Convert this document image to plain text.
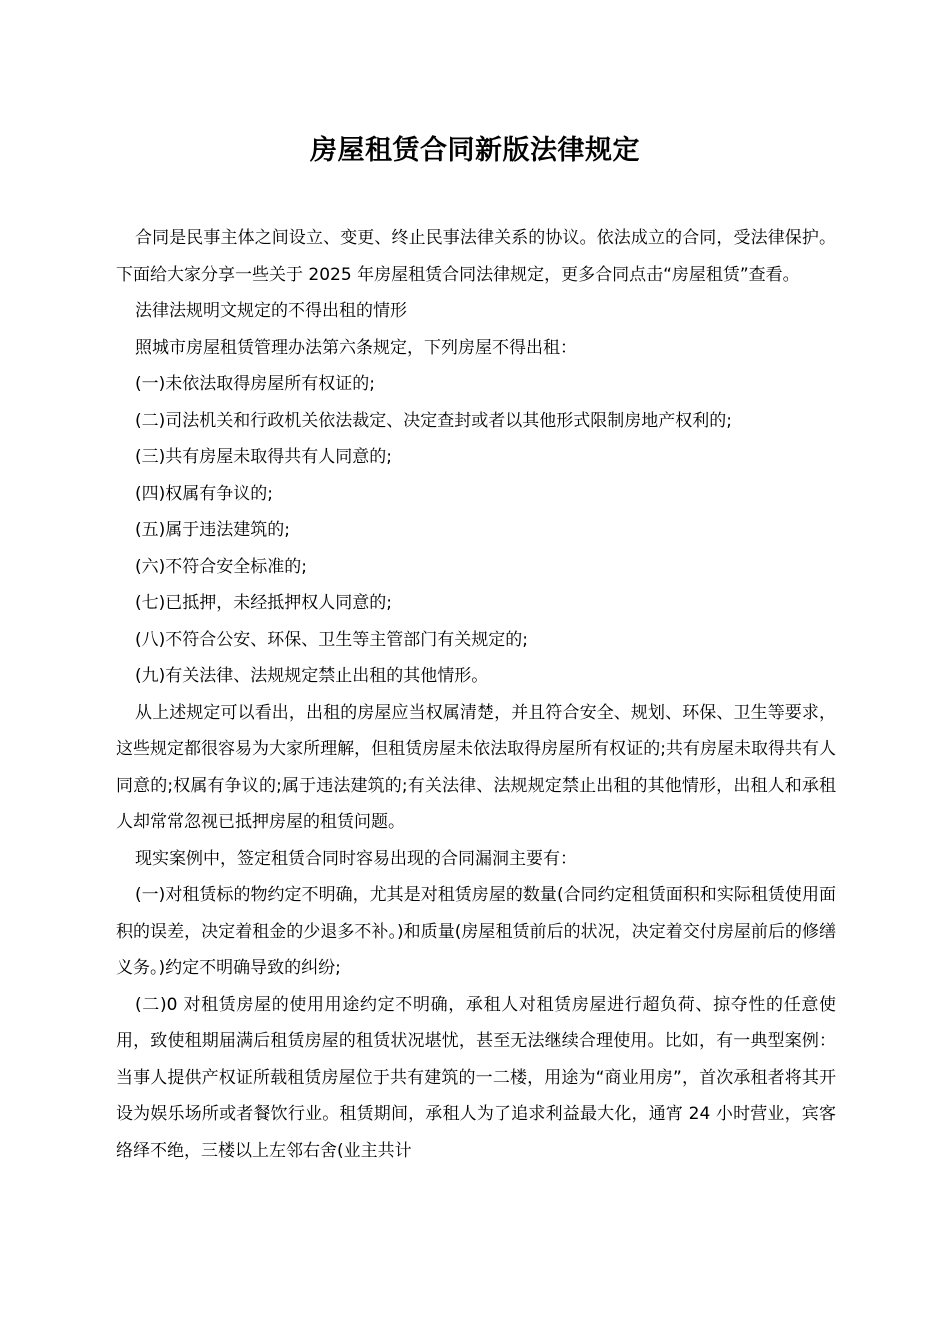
房屋租赁合同新版法律规定

合同是民事主体之间设立、变更、终止民事法律关系的协议。依法成立的合同，受法律保护。下面给大家分享一些关于 2025 年房屋租赁合同法律规定，更多合同点击“房屋租赁”查看。

法律法规明文规定的不得出租的情形

照城市房屋租赁管理办法第六条规定，下列房屋不得出租：

(一)未依法取得房屋所有权证的;

(二)司法机关和行政机关依法裁定、决定查封或者以其他形式限制房地产权利的;

(三)共有房屋未取得共有人同意的;

(四)权属有争议的;

(五)属于违法建筑的;

(六)不符合安全标准的;

(七)已抵押，未经抵押权人同意的;

(八)不符合公安、环保、卫生等主管部门有关规定的;

(九)有关法律、法规规定禁止出租的其他情形。

从上述规定可以看出，出租的房屋应当权属清楚，并且符合安全、规划、环保、卫生等要求，这些规定都很容易为大家所理解，但租赁房屋未依法取得房屋所有权证的;共有房屋未取得共有人同意的;权属有争议的;属于违法建筑的;有关法律、法规规定禁止出租的其他情形，出租人和承租人却常常忽视已抵押房屋的租赁问题。

现实案例中，签定租赁合同时容易出现的合同漏洞主要有：

(一)对租赁标的物约定不明确，尤其是对租赁房屋的数量(合同约定租赁面积和实际租赁使用面积的误差，决定着租金的少退多不补。)和质量(房屋租赁前后的状况，决定着交付房屋前后的修缮义务。)约定不明确导致的纠纷;

(二)0 对租赁房屋的使用用途约定不明确，承租人对租赁房屋进行超负荷、掠夺性的任意使用，致使租期届满后租赁房屋的租赁状况堪忧，甚至无法继续合理使用。比如，有一典型案例：当事人提供产权证所载租赁房屋位于共有建筑的一二楼，用途为“商业用房”，首次承租者将其开设为娱乐场所或者餐饮行业。租赁期间，承租人为了追求利益最大化，通宵 24 小时营业，宾客络绎不绝，三楼以上左邻右舍(业主共计
